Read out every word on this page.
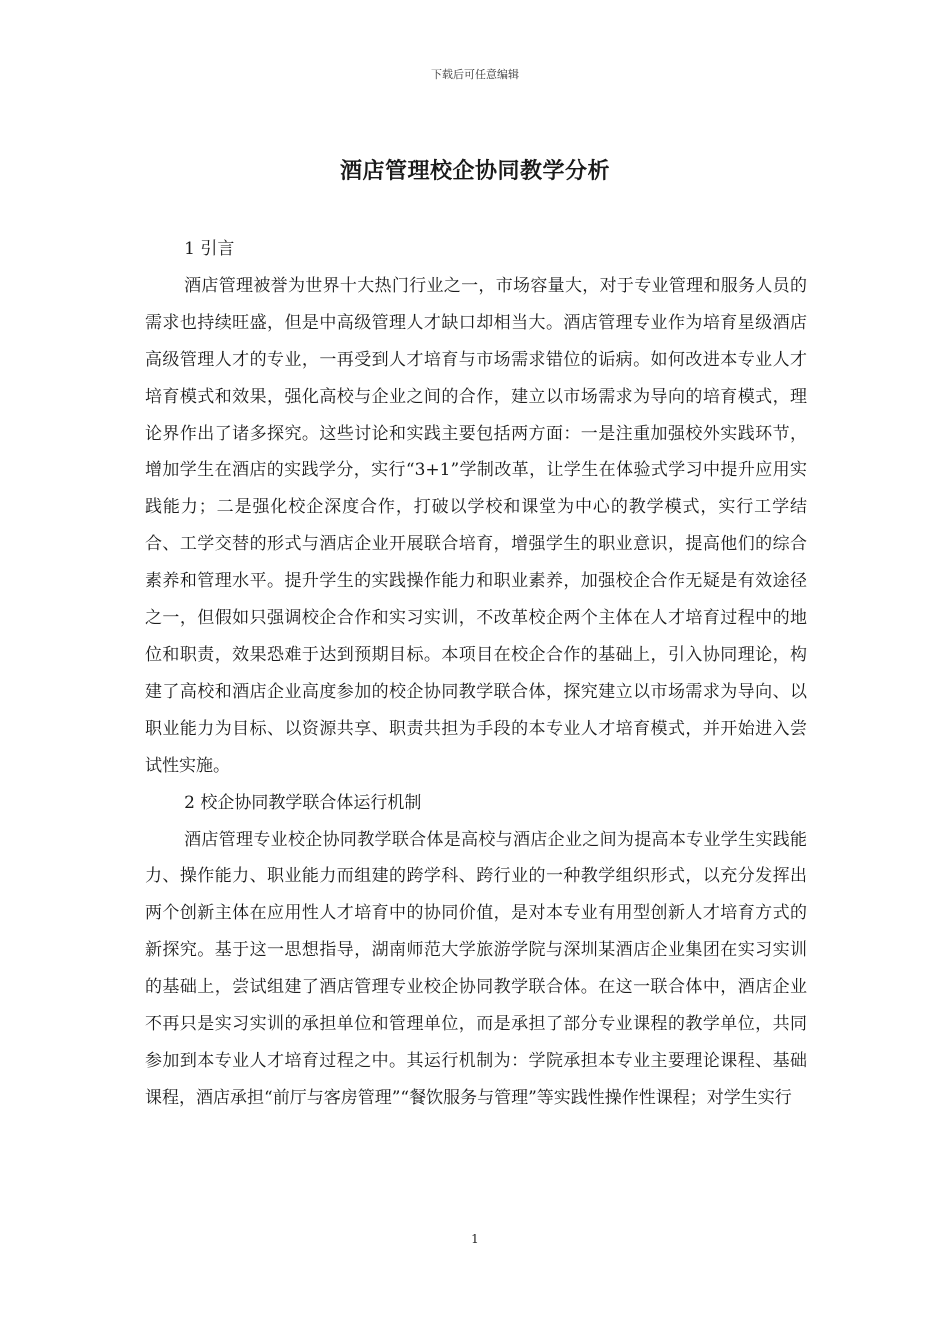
下载后可任意编辑
酒店管理校企协同教学分析

1 引言

酒店管理被誉为世界十大热门行业之一，市场容量大，对于专业管理和服务人员的需求也持续旺盛，但是中高级管理人才缺口却相当大。酒店管理专业作为培育星级酒店高级管理人才的专业，一再受到人才培育与市场需求错位的诟病。如何改进本专业人才培育模式和效果，强化高校与企业之间的合作，建立以市场需求为导向的培育模式，理论界作出了诸多探究。这些讨论和实践主要包括两方面：一是注重加强校外实践环节，增加学生在酒店的实践学分，实行“3+1”学制改革，让学生在体验式学习中提升应用实践能力；二是强化校企深度合作，打破以学校和课堂为中心的教学模式，实行工学结合、工学交替的形式与酒店企业开展联合培育，增强学生的职业意识，提高他们的综合素养和管理水平。提升学生的实践操作能力和职业素养，加强校企合作无疑是有效途径之一，但假如只强调校企合作和实习实训，不改革校企两个主体在人才培育过程中的地位和职责，效果恐难于达到预期目标。本项目在校企合作的基础上，引入协同理论，构建了高校和酒店企业高度参加的校企协同教学联合体，探究建立以市场需求为导向、以职业能力为目标、以资源共享、职责共担为手段的本专业人才培育模式，并开始进入尝试性实施。

2 校企协同教学联合体运行机制

酒店管理专业校企协同教学联合体是高校与酒店企业之间为提高本专业学生实践能力、操作能力、职业能力而组建的跨学科、跨行业的一种教学组织形式，以充分发挥出两个创新主体在应用性人才培育中的协同价值，是对本专业有用型创新人才培育方式的新探究。基于这一思想指导，湖南师范大学旅游学院与深圳某酒店企业集团在实习实训的基础上，尝试组建了酒店管理专业校企协同教学联合体。在这一联合体中，酒店企业不再只是实习实训的承担单位和管理单位，而是承担了部分专业课程的教学单位，共同参加到本专业人才培育过程之中。其运行机制为：学院承担本专业主要理论课程、基础课程，酒店承担“前厅与客房管理”“餐饮服务与管理”等实践性操作性课程；对学生实行

1
